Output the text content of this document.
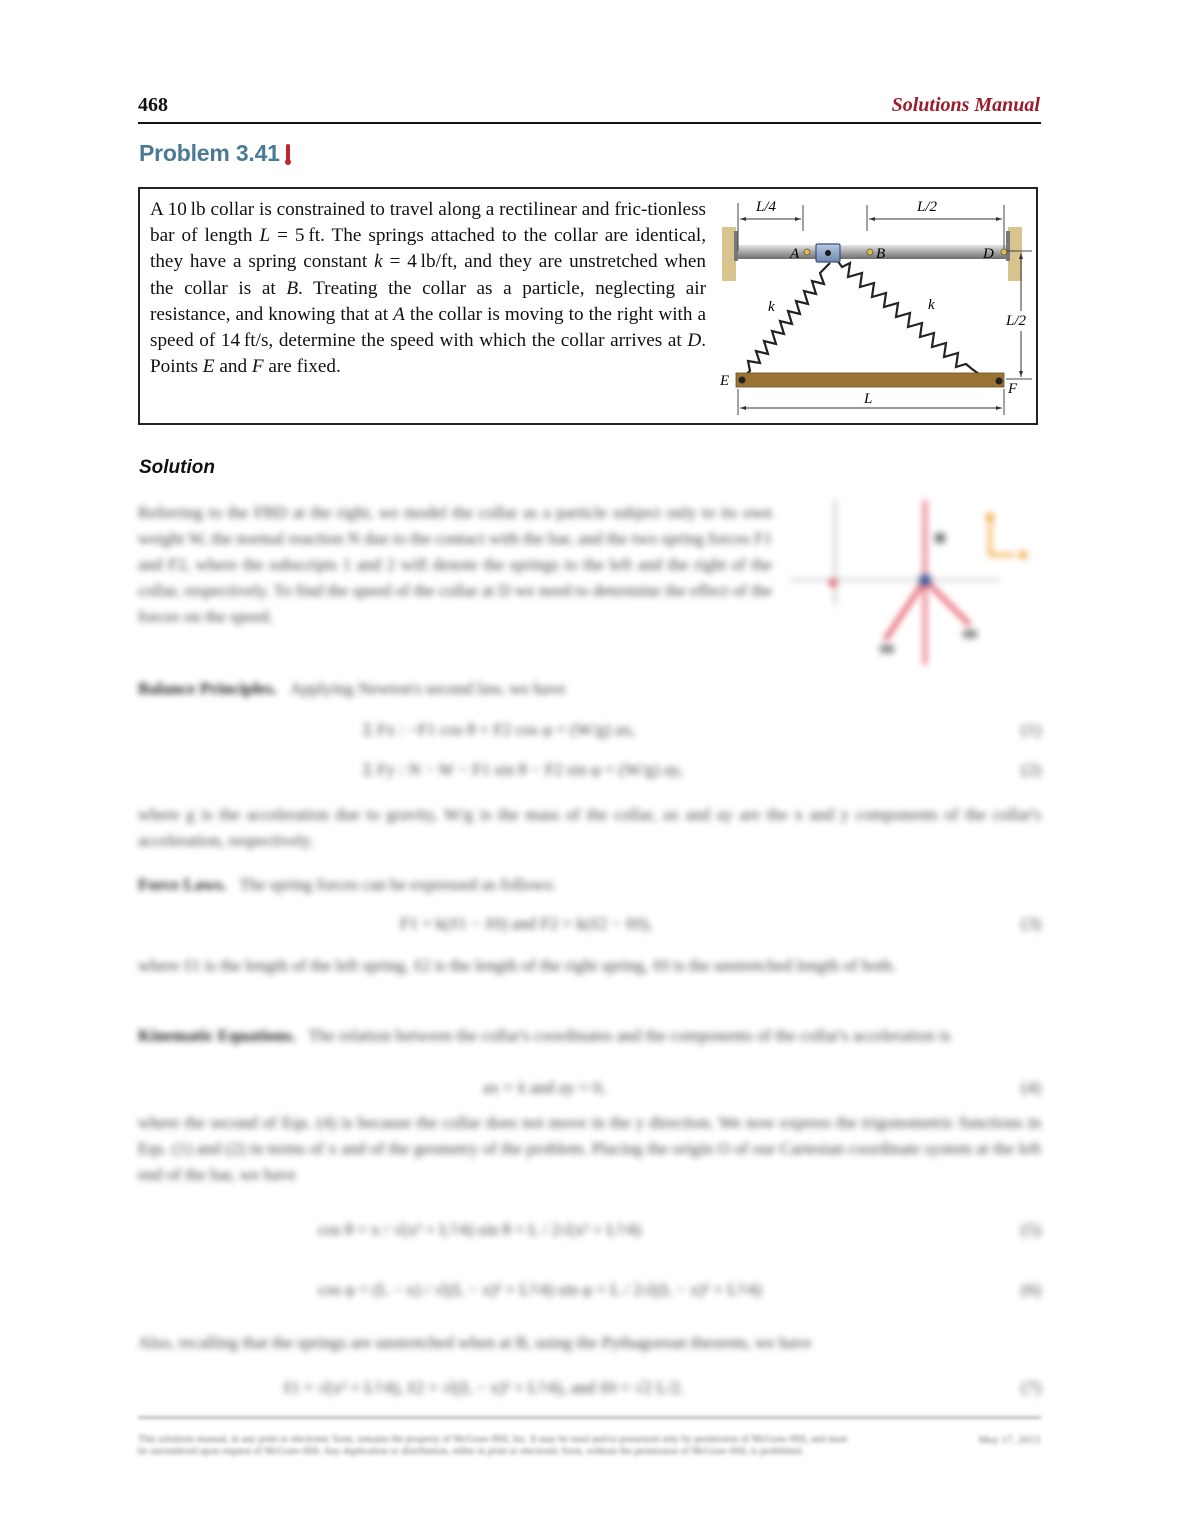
468	Solutions Manual
Problem 3.41
A 10 lb collar is constrained to travel along a rectilinear and fric-tionless bar of length L = 5 ft. The springs attached to the collar are identical, they have a spring constant k = 4 lb/ft, and they are unstretched when the collar is at B. Treating the collar as a particle, neglecting air resistance, and knowing that at A the collar is moving to the right with a speed of 14 ft/s, determine the speed with which the collar arrives at D. Points E and F are fixed.
L/4	L/2
A	B	D
L/2
k	k
E	F
L
Solution
Referring to the FBD at the right, we model the collar as a particle subject only to its own weight W, the normal reaction N due to the contact with the bar, and the two spring forces F1 and F2, where the subscripts 1 and 2 will denote the springs to the left and the right of the collar, respectively. To find the speed of the collar at D we need to determine the effect of the forces on the speed.
Balance Principles. Applying Newton's second law, we have
Σ Fx : −F1 cos θ + F2 cos φ = (W/g) ax,	(1)
Σ Fy : N − W − F1 sin θ − F2 sin φ = (W/g) ay,	(2)
where g is the acceleration due to gravity, W/g is the mass of the collar, ax and ay are the x and y components of the collar's acceleration, respectively.
Force Laws. The spring forces can be expressed as follows:
F1 = k(ℓ1 − ℓ0) and F2 = k(ℓ2 − ℓ0),	(3)
where ℓ1 is the length of the left spring, ℓ2 is the length of the right spring, ℓ0 is the unstretched length of both.
Kinematic Equations. The relation between the collar's coordinates and the components of the collar's acceleration is
ax = ẍ and ay = 0,	(4)
where the second of Eqs. (4) is because the collar does not move in the y direction. We now express the trigonometric functions in Eqs. (1) and (2) in terms of x and of the geometry of the problem. Placing the origin O of our Cartesian coordinate system at the left end of the bar, we have
cos θ = x / √(x² + L²/4) sin θ = L / 2√(x² + L²/4)	(5)
cos φ = (L − x) / √((L − x)² + L²/4) sin φ = L / 2√((L − x)² + L²/4)	(6)
Also, recalling that the springs are unstretched when at B, using the Pythagorean theorem, we have
ℓ1 = √(x² + L²/4), ℓ2 = √((L − x)² + L²/4), and ℓ0 = √2 L/2.	(7)
This solutions manual, in any print or electronic form, remains the property of McGraw-Hill, Inc. It may be used and/or possessed only by permission of McGraw-Hill, and must be surrendered upon request of McGraw-Hill. Any duplication or distribution, either in print or electronic form, without the permission of McGraw-Hill, is prohibited.
May 17, 2013
